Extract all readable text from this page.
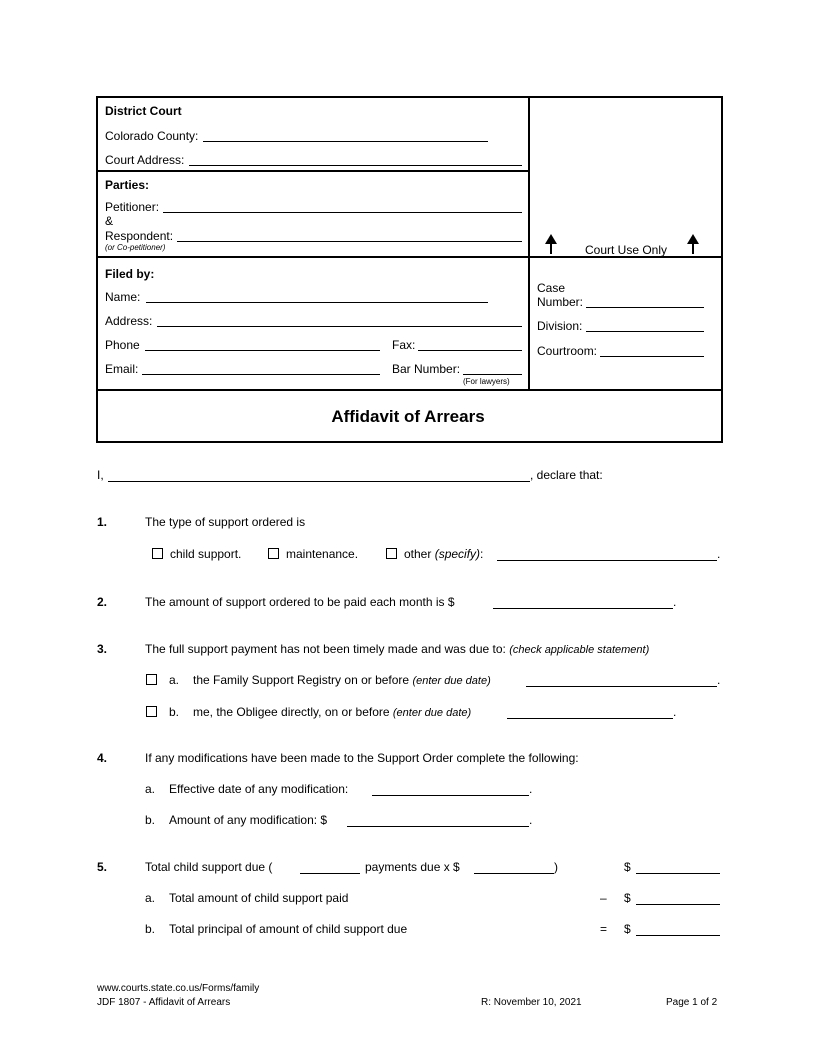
District Court
Colorado County:
Court Address:
Parties:
Petitioner:
&
Respondent:
(or Co-petitioner)	Court Use Only
Filed by:
Name:
Address:
Phone	Fax:
Email:	Bar Number:
(For lawyers)
Case
Number:
Division:
Courtroom:
Affidavit of Arrears
I,	, declare that:
1.	The type of support ordered is
child support.	maintenance.	other (specify):	.
2.	The amount of support ordered to be paid each month is $	.
3.	The full support payment has not been timely made and was due to: (check applicable statement)
a. the Family Support Registry on or before (enter due date)	.
b. me, the Obligee directly, on or before (enter due date)	.
4.	If any modifications have been made to the Support Order complete the following:
a. Effective date of any modification:	.
b. Amount of any modification: $	.
5.	Total child support due (	payments due x $	)	$
a. Total amount of child support paid	– $
b. Total principal of amount of child support due	= $
www.courts.state.co.us/Forms/family
JDF 1807 - Affidavit of Arrears	R: November 10, 2021	Page 1 of 2
